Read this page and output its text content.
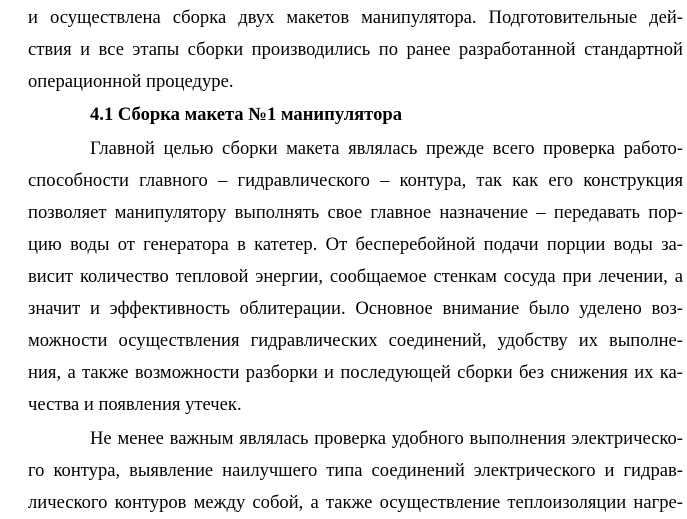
и осуществлена сборка двух макетов манипулятора. Подготовительные дей-
ствия и все этапы сборки производились по ранее разработанной стандартной
операционной процедуре.
4.1 Сборка макета №1 манипулятора
Главной целью сборки макета являлась прежде всего проверка работо-
способности главного – гидравлического – контура, так как его конструкция
позволяет манипулятору выполнять свое главное назначение – передавать пор-
цию воды от генератора в катетер. От бесперебойной подачи порции воды за-
висит количество тепловой энергии, сообщаемое стенкам сосуда при лечении, а
значит и эффективность облитерации. Основное внимание было уделено воз-
можности осуществления гидравлических соединений, удобству их выполне-
ния, а также возможности разборки и последующей сборки без снижения их ка-
чества и появления утечек.
Не менее важным являлась проверка удобного выполнения электрическо-
го контура, выявление наилучшего типа соединений электрического и гидрав-
лического контуров между собой, а также осуществление теплоизоляции нагре-
